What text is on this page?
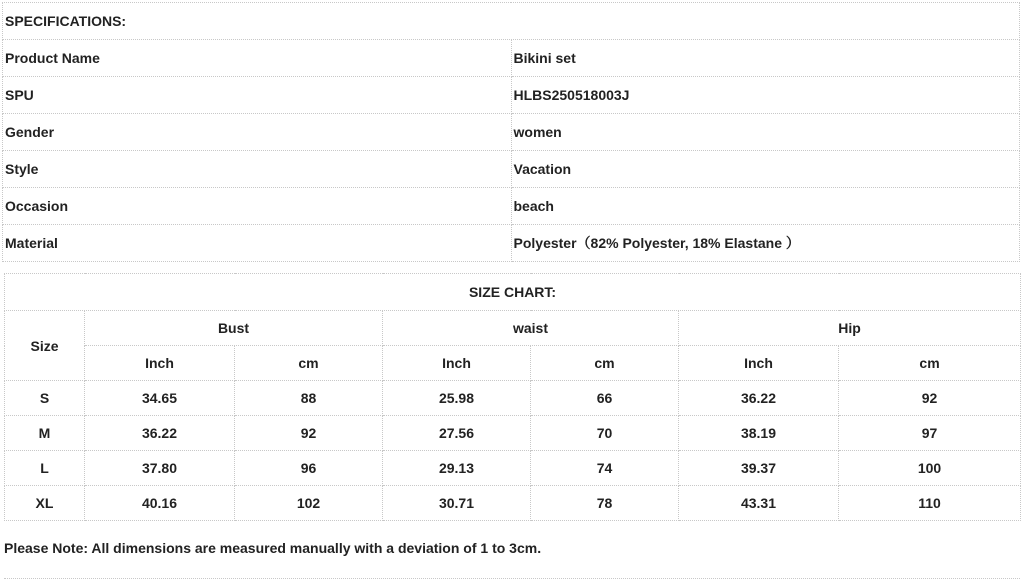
SPECIFICATIONS:	
Product Name	Bikini set
SPU	HLBS250518003J
Gender	women
Style	Vacation
Occasion	beach
Material	Polyester（82% Polyester, 18% Elastane ）
SIZE CHART:						
Size	Bust		waist		Hip	
	Inch	cm	Inch	cm	Inch	cm
S	34.65	88	25.98	66	36.22	92
M	36.22	92	27.56	70	38.19	97
L	37.80	96	29.13	74	39.37	100
XL	40.16	102	30.71	78	43.31	110
Please Note: All dimensions are measured manually with a deviation of 1 to 3cm.
